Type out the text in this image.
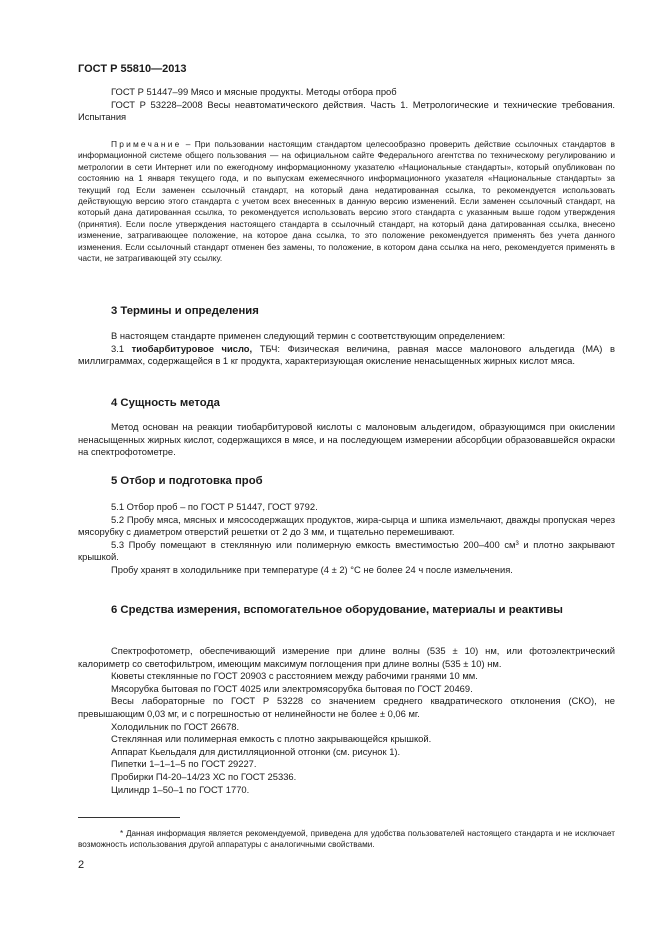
ГОСТ Р 55810—2013

ГОСТ Р 51447–99 Мясо и мясные продукты. Методы отбора проб

ГОСТ Р 53228–2008 Весы неавтоматического действия. Часть 1. Метрологические и технические требования. Испытания

Примечание – При пользовании настоящим стандартом целесообразно проверить действие ссылочных стандартов в информационной системе общего пользования — на официальном сайте Федерального агентства по техническому регулированию и метрологии в сети Интернет или по ежегодному информационному указателю «Национальные стандарты», который опубликован по состоянию на 1 января текущего года, и по выпускам ежемесячного информационного указателя «Национальные стандарты» за текущий год Если заменен ссылочный стандарт, на который дана недатированная ссылка, то рекомендуется использовать действующую версию этого стандарта с учетом всех внесенных в данную версию изменений. Если заменен ссылочный стандарт, на который дана датированная ссылка, то рекомендуется использовать версию этого стандарта с указанным выше годом утверждения (принятия). Если после утверждения настоящего стандарта в ссылочный стандарт, на который дана датированная ссылка, внесено изменение, затрагивающее положение, на которое дана ссылка, то это положение рекомендуется применять без учета данного изменения. Если ссылочный стандарт отменен без замены, то положение, в котором дана ссылка на него, рекомендуется применять в части, не затрагивающей эту ссылку.

3 Термины и определения

В настоящем стандарте применен следующий термин с соответствующим определением:

3.1 тиобарбитуровое число, ТБЧ: Физическая величина, равная массе малонового альдегида (МА) в миллиграммах, содержащейся в 1 кг продукта, характеризующая окисление ненасыщенных жирных кислот мяса.

4 Сущность метода

Метод основан на реакции тиобарбитуровой кислоты с малоновым альдегидом, образующимся при окислении ненасыщенных жирных кислот, содержащихся в мясе, и на последующем измерении абсорбции образовавшейся окраски на спектрофотометре.

5 Отбор и подготовка проб

5.1 Отбор проб – по ГОСТ Р 51447, ГОСТ 9792.

5.2 Пробу мяса, мясных и мясосодержащих продуктов, жира-сырца и шпика измельчают, дважды пропуская через мясорубку с диаметром отверстий решетки от 2 до 3 мм, и тщательно перемешивают.

5.3 Пробу помещают в стеклянную или полимерную емкость вместимостью 200–400 $см^3$ и плотно закрывают крышкой.

Пробу хранят в холодильнике при температуре (4 ± 2) °С не более 24 ч после измельчения.

6 Средства измерения, вспомогательное оборудование, материалы и реактивы

Спектрофотометр, обеспечивающий измерение при длине волны (535 ± 10) нм, или фотоэлектрический калориметр со светофильтром, имеющим максимум поглощения при длине волны (535 ± 10) нм.

Кюветы стеклянные по ГОСТ 20903 с расстоянием между рабочими гранями 10 мм.

Мясорубка бытовая по ГОСТ 4025 или электромясорубка бытовая по ГОСТ 20469.

Весы лабораторные по ГОСТ Р 53228 со значением среднего квадратического отклонения (СКО), не превышающим 0,03 мг, и с погрешностью от нелинейности не более ± 0,06 мг.

Холодильник по ГОСТ 26678.

Стеклянная или полимерная емкость с плотно закрывающейся крышкой.

Аппарат Кьельдаля для дистилляционной отгонки (см. рисунок 1).

Пипетки 1–1–1–5 по ГОСТ 29227.

Пробирки П4-20–14/23 ХС по ГОСТ 25336.

Цилиндр 1–50–1 по ГОСТ 1770.

* Данная информация является рекомендуемой, приведена для удобства пользователей настоящего стандарта и не исключает возможность использования другой аппаратуры с аналогичными свойствами.

2
